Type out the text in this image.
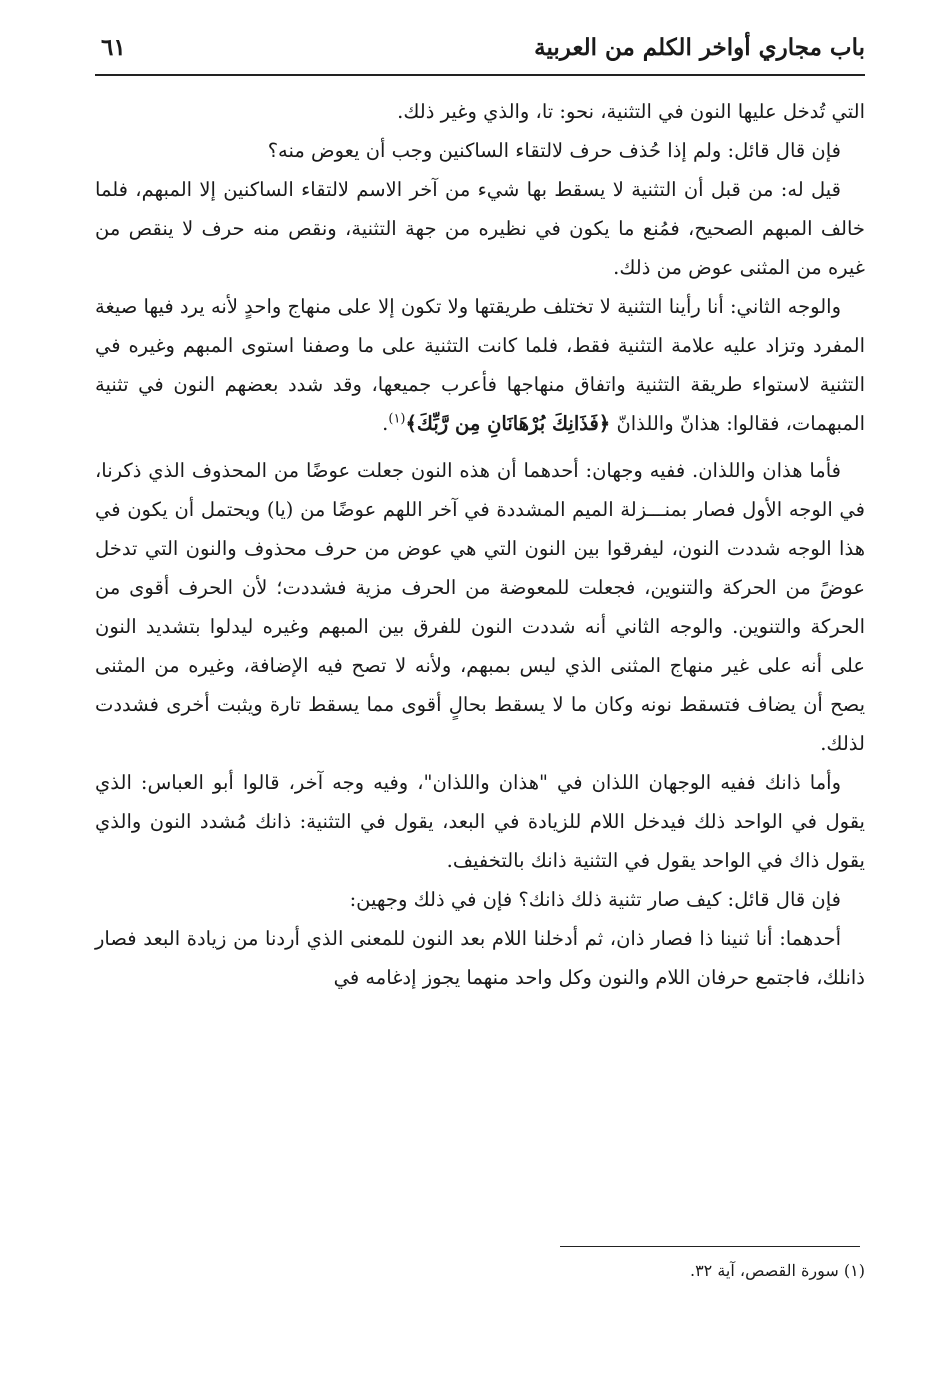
باب مجاري أواخر الكلم من العربية
٦١

التي تُدخل عليها النون في التثنية، نحو: تا، والذي وغير ذلك.

فإن قال قائل: ولم إذا حُذف حرف لالتقاء الساكنين وجب أن يعوض منه؟

قيل له: من قبل أن التثنية لا يسقط بها شيء من آخر الاسم لالتقاء الساكنين إلا المبهم، فلما خالف المبهم الصحيح، فمُنع ما يكون في نظيره من جهة التثنية، ونقص منه حرف لا ينقص من غيره من المثنى عوض من ذلك.

والوجه الثاني: أنا رأينا التثنية لا تختلف طريقتها ولا تكون إلا على منهاج واحدٍ لأنه يرد فيها صيغة المفرد وتزاد عليه علامة التثنية فقط، فلما كانت التثنية على ما وصفنا استوى المبهم وغيره في التثنية لاستواء طريقة التثنية واتفاق منهاجها فأعرب جميعها، وقد شدد بعضهم النون في تثنية المبهمات، فقالوا: هذانّ واللذانّ ﴿فَذَانِكَ بُرْهَانَانِ مِن رَّبِّكَ﴾$^{(١)}$.

فأما هذان واللذان. ففيه وجهان: أحدهما أن هذه النون جعلت عوضًا من المحذوف الذي ذكرنا، في الوجه الأول فصار بمنـــزلة الميم المشددة في آخر اللهم عوضًا من (يا) ويحتمل أن يكون في هذا الوجه شددت النون، ليفرقوا بين النون التي هي عوض من حرف محذوف والنون التي تدخل عوضً من الحركة والتنوين، فجعلت للمعوضة من الحرف مزية فشددت؛ لأن الحرف أقوى من الحركة والتنوين. والوجه الثاني أنه شددت النون للفرق بين المبهم وغيره ليدلوا بتشديد النون على أنه على غير منهاج المثنى الذي ليس بمبهم، ولأنه لا تصح فيه الإضافة، وغيره من المثنى يصح أن يضاف فتسقط نونه وكان ما لا يسقط بحالٍ أقوى مما يسقط تارة ويثبت أخرى فشددت لذلك.

وأما ذانك ففيه الوجهان اللذان في "هذان واللذان"، وفيه وجه آخر، قالوا أبو العباس: الذي يقول في الواحد ذلك فيدخل اللام للزيادة في البعد، يقول في التثنية: ذانك مُشدد النون والذي يقول ذاك في الواحد يقول في التثنية ذانك بالتخفيف.

فإن قال قائل: كيف صار تثنية ذلك ذانك؟ فإن في ذلك وجهين:

أحدهما: أنا ثنينا ذا فصار ذان، ثم أدخلنا اللام بعد النون للمعنى الذي أردنا من زيادة البعد فصار ذانلك، فاجتمع حرفان اللام والنون وكل واحد منهما يجوز إدغامه في

(١) سورة القصص، آية ٣٢.
